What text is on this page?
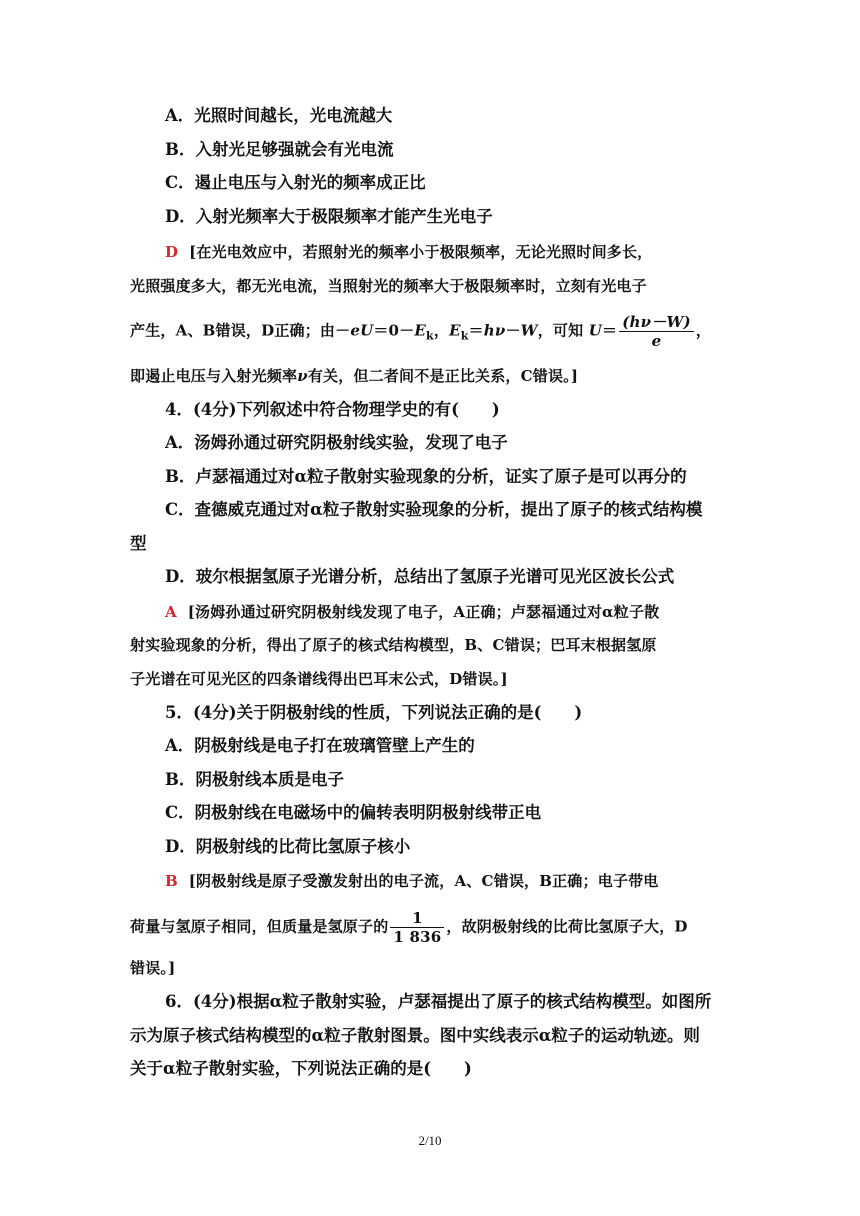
A．光照时间越长，光电流越大
B．入射光足够强就会有光电流
C．遏止电压与入射光的频率成正比
D．入射光频率大于极限频率才能产生光电子
D [在光电效应中，若照射光的频率小于极限频率，无论光照时间多长，
光照强度多大，都无光电流，当照射光的频率大于极限频率时，立刻有光电子
产生，A、B错误，D正确；由$-eU=0-E_k$，$E_k=h\nu-W$，可知 $U= \frac{(h\nu-W)}{e}$ ，
即遏止电压与入射光频率ν有关，但二者间不是正比关系，C错误。]
4．(4分)下列叙述中符合物理学史的有(　　)
A．汤姆孙通过研究阴极射线实验，发现了电子
B．卢瑟福通过对α粒子散射实验现象的分析，证实了原子是可以再分的
C．查德威克通过对α粒子散射实验现象的分析，提出了原子的核式结构模
型
D．玻尔根据氢原子光谱分析，总结出了氢原子光谱可见光区波长公式
A [汤姆孙通过研究阴极射线发现了电子，A正确；卢瑟福通过对α粒子散
射实验现象的分析，得出了原子的核式结构模型，B、C错误；巴耳末根据氢原
子光谱在可见光区的四条谱线得出巴耳末公式，D错误。]
5．(4分)关于阴极射线的性质，下列说法正确的是(　　)
A．阴极射线是电子打在玻璃管壁上产生的
B．阴极射线本质是电子
C．阴极射线在电磁场中的偏转表明阴极射线带正电
D．阴极射线的比荷比氢原子核小
B [阴极射线是原子受激发射出的电子流，A、C错误，B正确；电子带电
荷量与氢原子相同，但质量是氢原子的 $\frac{1}{1 836}$ ，故阴极射线的比荷比氢原子大，D
错误。]
6．(4分)根据α粒子散射实验，卢瑟福提出了原子的核式结构模型。如图所
示为原子核式结构模型的α粒子散射图景。图中实线表示α粒子的运动轨迹。则
关于α粒子散射实验，下列说法正确的是(　　)
2/10
